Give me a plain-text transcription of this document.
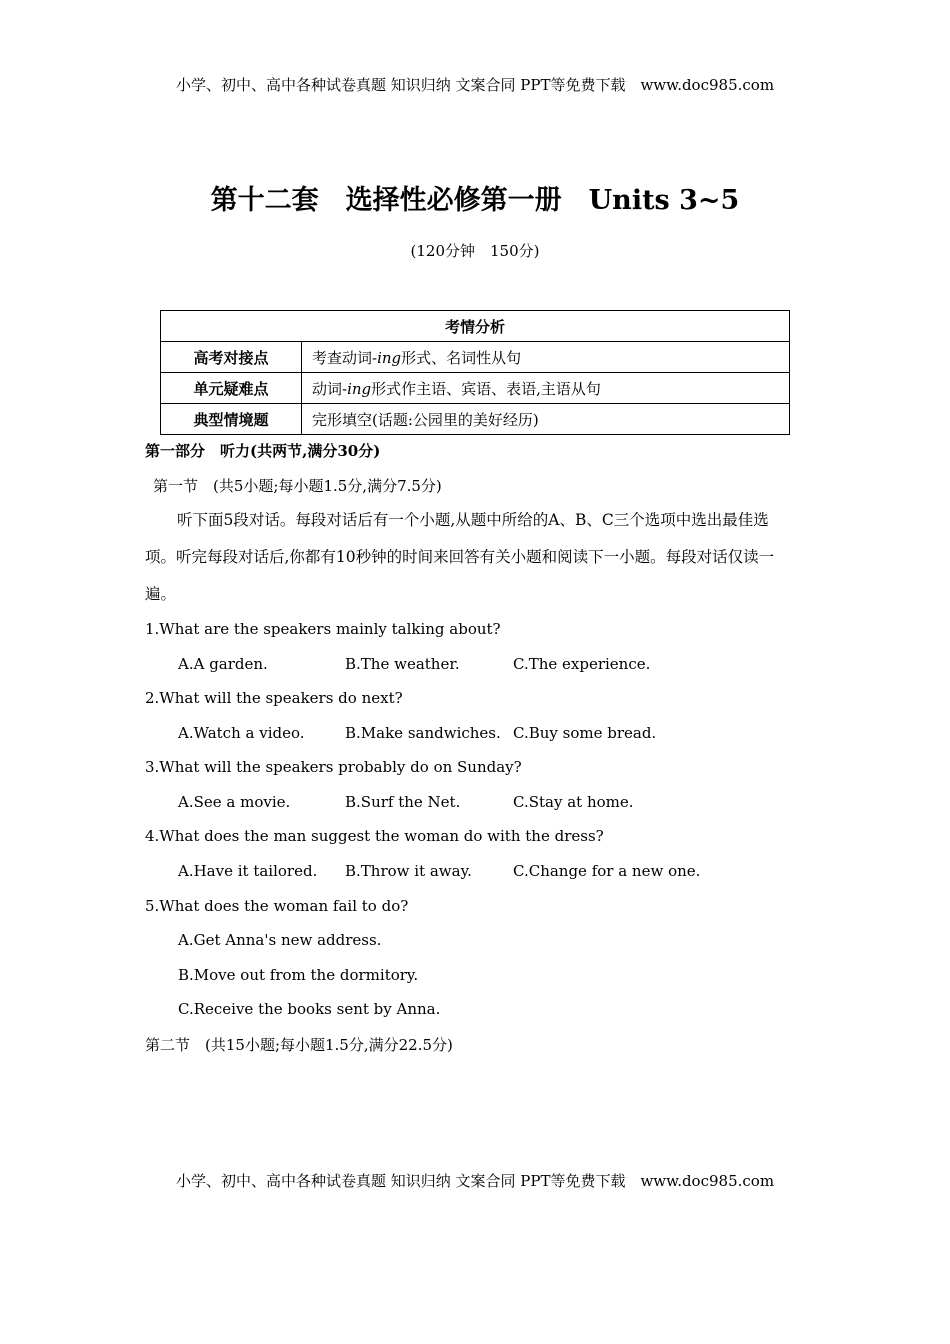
小学、初中、高中各种试卷真题 知识归纳 文案合同 PPT等免费下载　www.doc985.com
第十二套　选择性必修第一册　Units 3~5
(120分钟　150分)
考情分析	
高考对接点	考查动词-ing形式、名词性从句
单元疑难点	动词-ing形式作主语、宾语、表语,主语从句
典型情境题	完形填空(话题:公园里的美好经历)
第一部分　听力(共两节,满分30分)
第一节　(共5小题;每小题1.5分,满分7.5分)
听下面5段对话。每段对话后有一个小题,从题中所给的A、B、C三个选项中选出最佳选项。听完每段对话后,你都有10秒钟的时间来回答有关小题和阅读下一小题。每段对话仅读一遍。
1.What are the speakers mainly talking about?
A.A garden.	B.The weather.	C.The experience.
2.What will the speakers do next?
A.Watch a video.	B.Make sandwiches. C.Buy some bread.
3.What will the speakers probably do on Sunday?
A.See a movie.	B.Surf the Net.	C.Stay at home.
4.What does the man suggest the woman do with the dress?
A.Have it tailored. B.Throw it away.	C.Change for a new one.
5.What does the woman fail to do?
A.Get Anna's new address.
B.Move out from the dormitory.
C.Receive the books sent by Anna.
第二节　(共15小题;每小题1.5分,满分22.5分)
小学、初中、高中各种试卷真题 知识归纳 文案合同 PPT等免费下载　www.doc985.com
